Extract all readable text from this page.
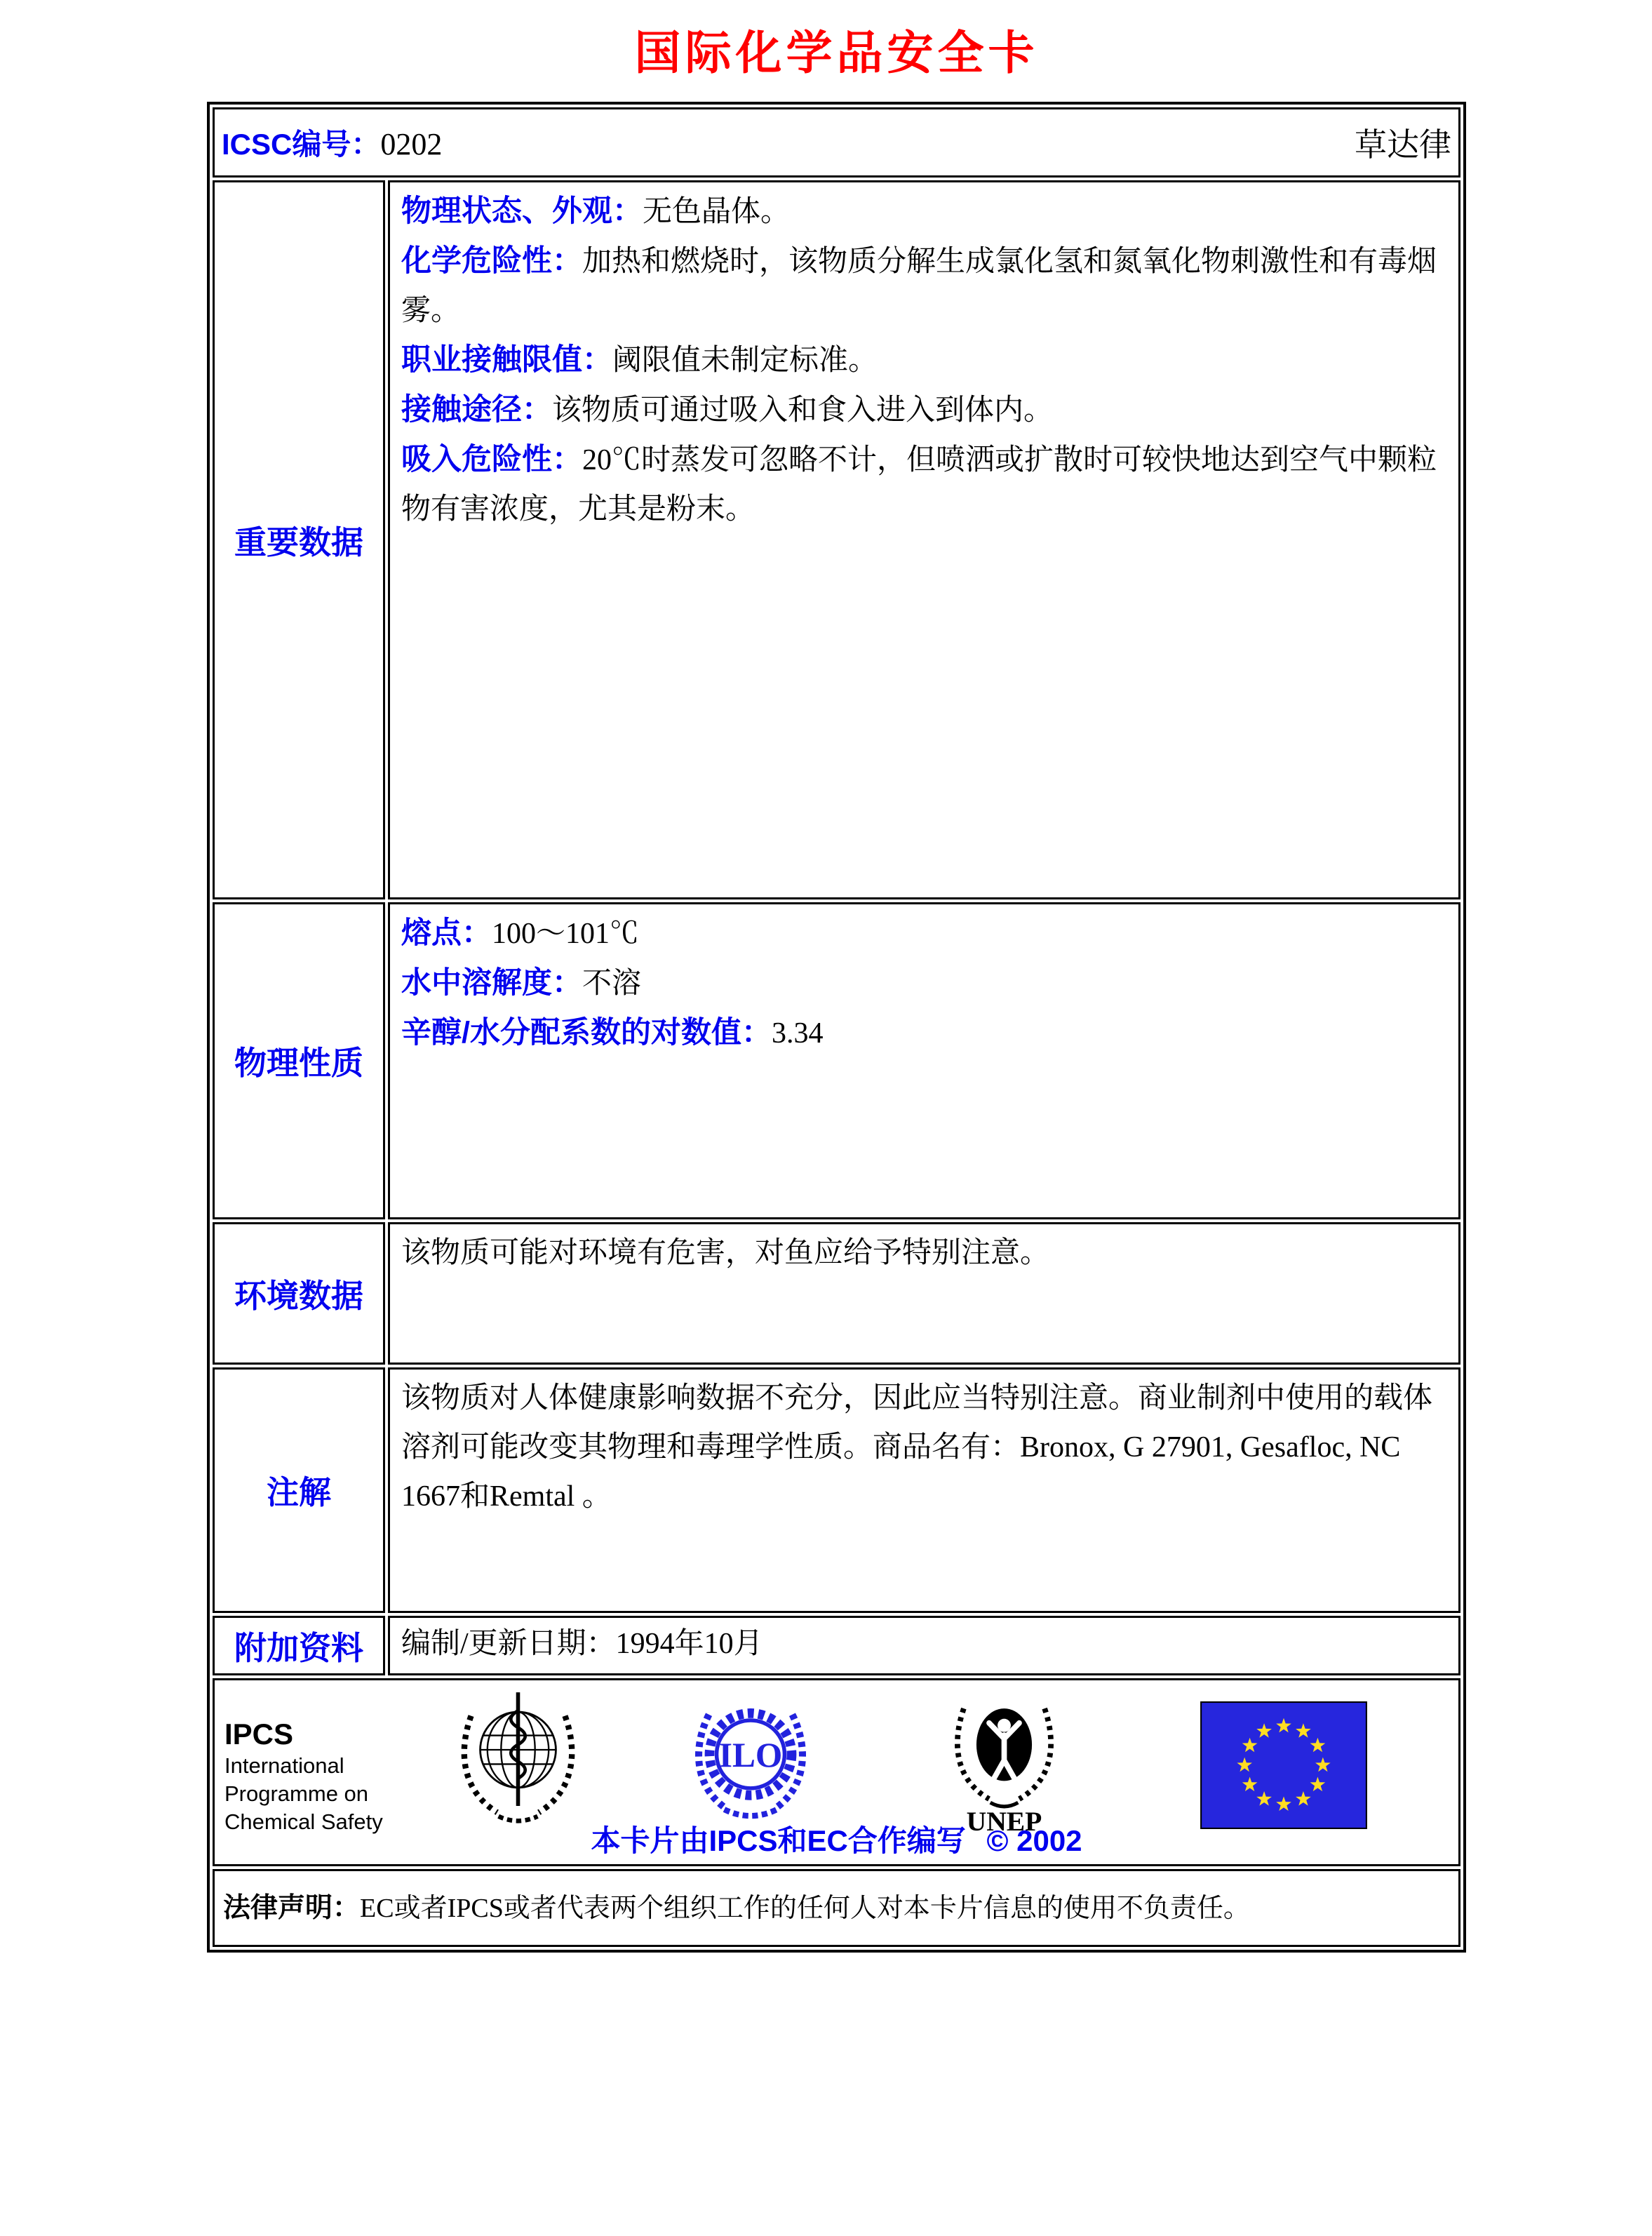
国际化学品安全卡
ICSC编号：0202 草达律	

重要数据	物理状态、外观：无色晶体。
化学危险性：加热和燃烧时，该物质分解生成氯化氢和氮氧化物刺激性和有毒烟雾。
职业接触限值：阈限值未制定标准。
接触途径：该物质可通过吸入和食入进入到体内。
吸入危险性：20℃时蒸发可忽略不计，但喷洒或扩散时可较快地达到空气中颗粒物有害浓度，尤其是粉末。

物理性质	熔点：100～101℃
水中溶解度：不溶
辛醇/水分配系数的对数值：3.34

环境数据	该物质可能对环境有危害，对鱼应给予特别注意。
注解	该物质对人体健康影响数据不充分，因此应当特别注意。商业制剂中使用的载体溶剂可能改变其物理和毒理学性质。商品名有：Bronox, G 27901, Gesafloc, NC 1667和Remtal 。
附加资料	编制/更新日期：1994年10月

IPCS
International
Programme on
Chemical Safety
ILO
UNEP
本卡片由IPCS和EC合作编写 © 2002

法律声明：EC或者IPCS或者代表两个组织工作的任何人对本卡片信息的使用不负责任。	
